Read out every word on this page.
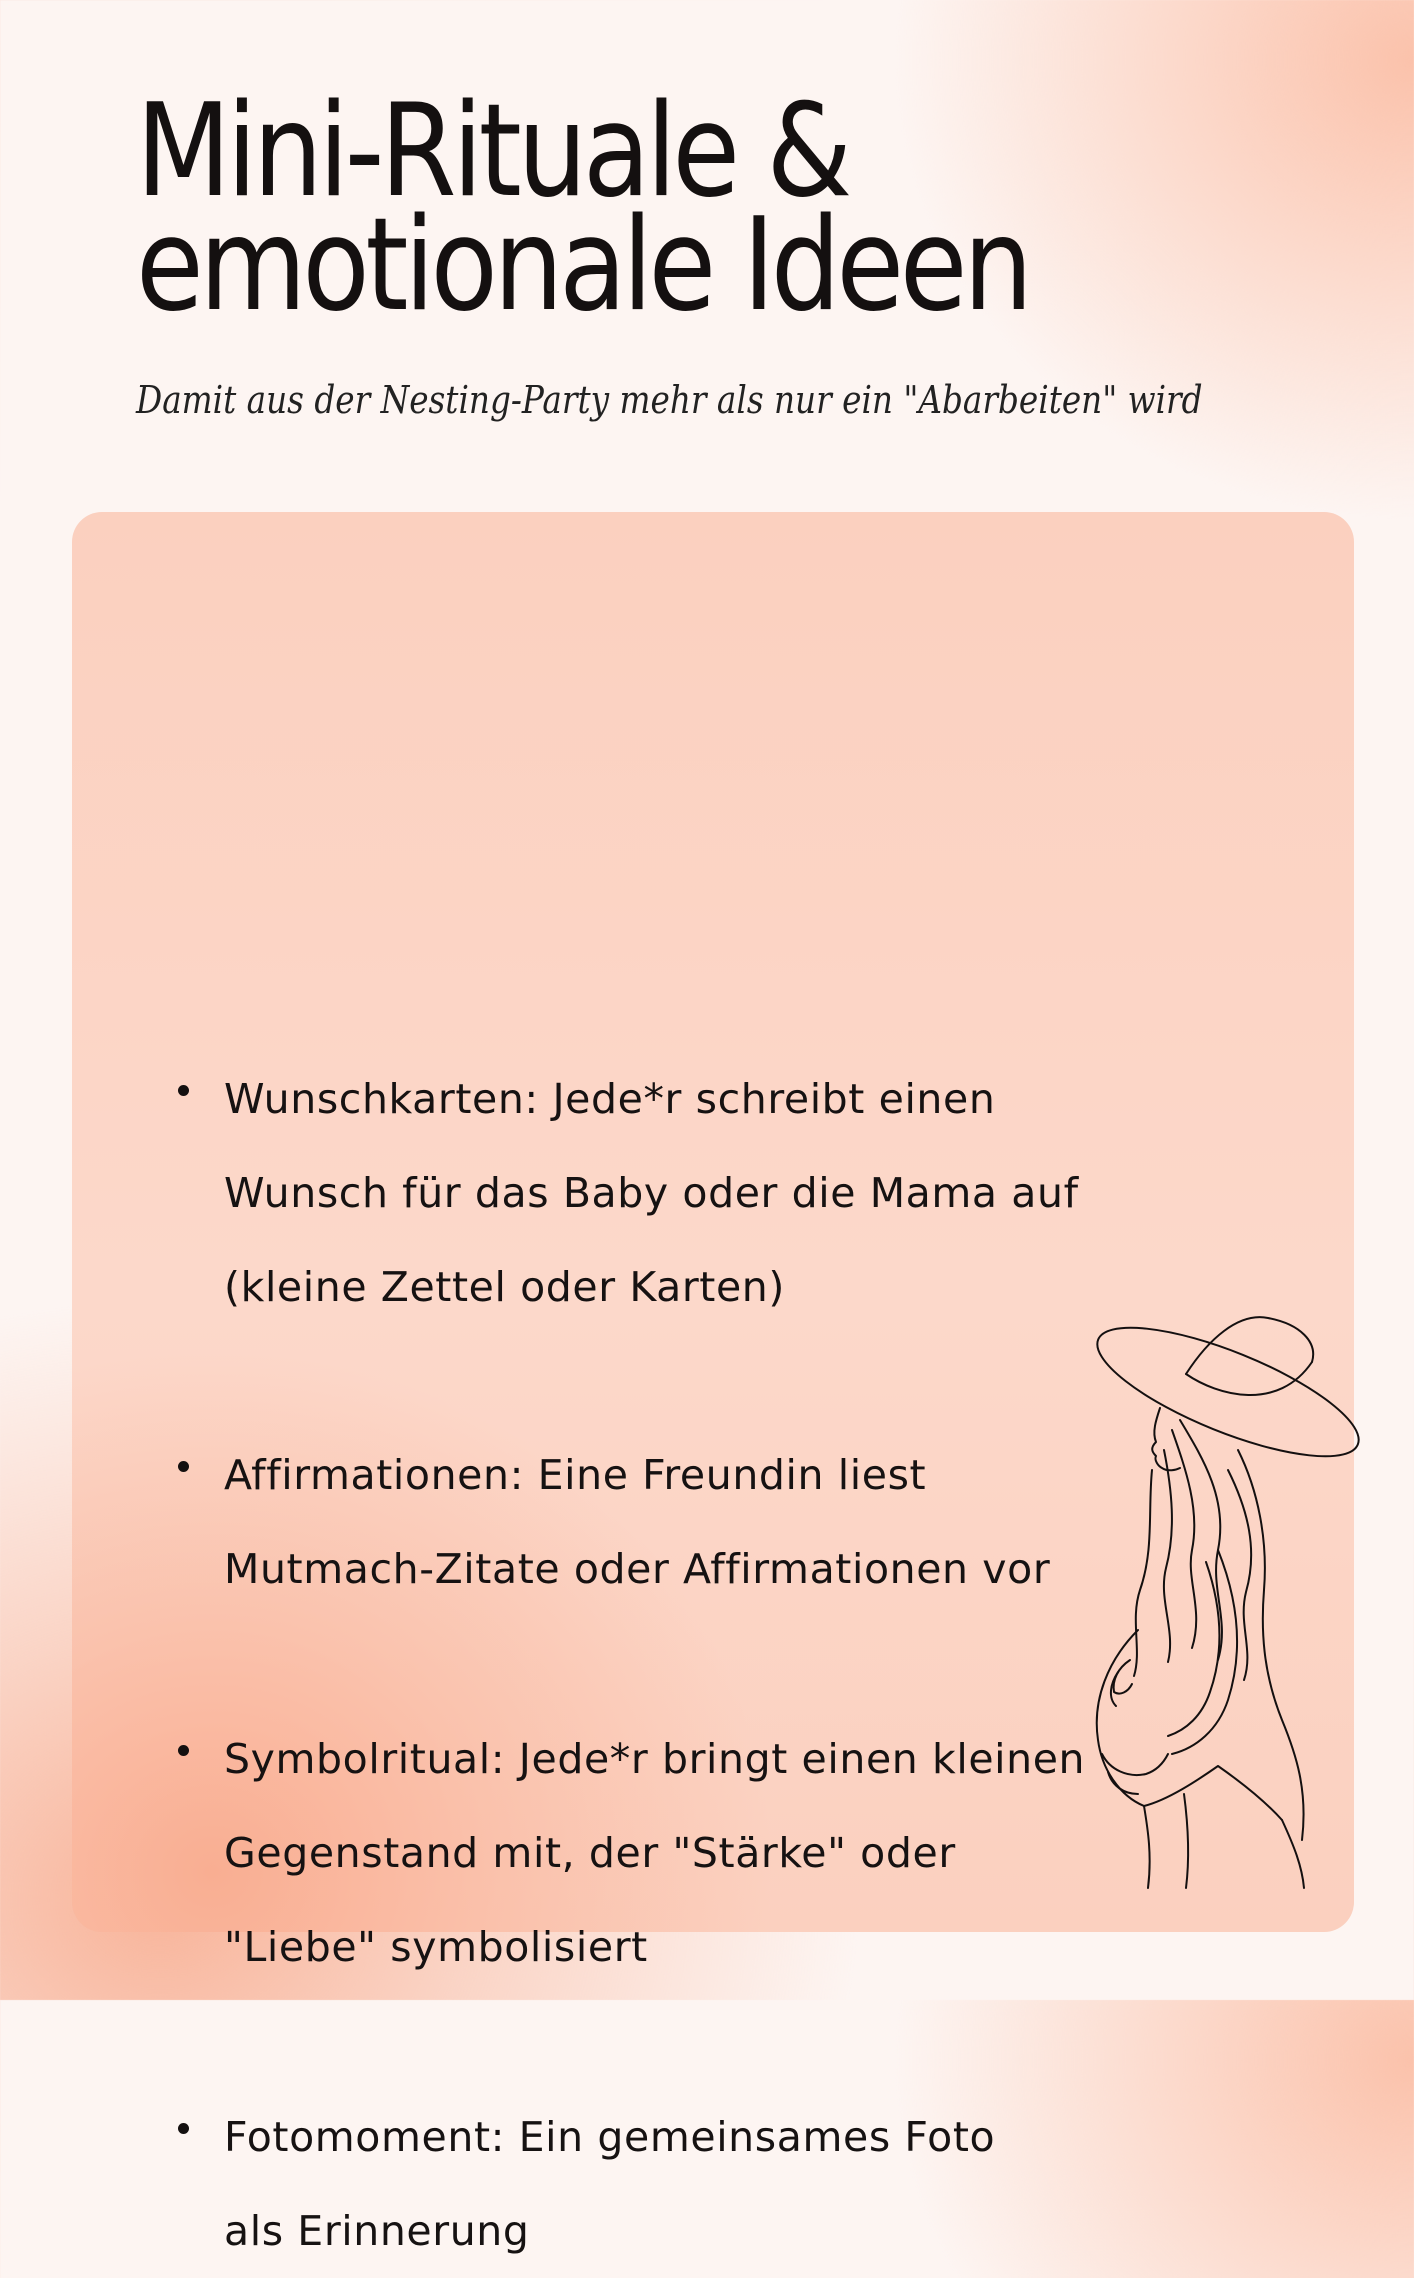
Mini-Rituale &
emotionale Ideen
Damit aus der Nesting-Party mehr als nur ein "Abarbeiten" wird
Wunschkarten: Jede*r schreibt einen
Wunsch für das Baby oder die Mama auf
(kleine Zettel oder Karten)
Affirmationen: Eine Freundin liest
Mutmach-Zitate oder Affirmationen vor
Symbolritual: Jede*r bringt einen kleinen
Gegenstand mit, der "Stärke" oder
"Liebe" symbolisiert
Fotomoment: Ein gemeinsames Foto
als Erinnerung
